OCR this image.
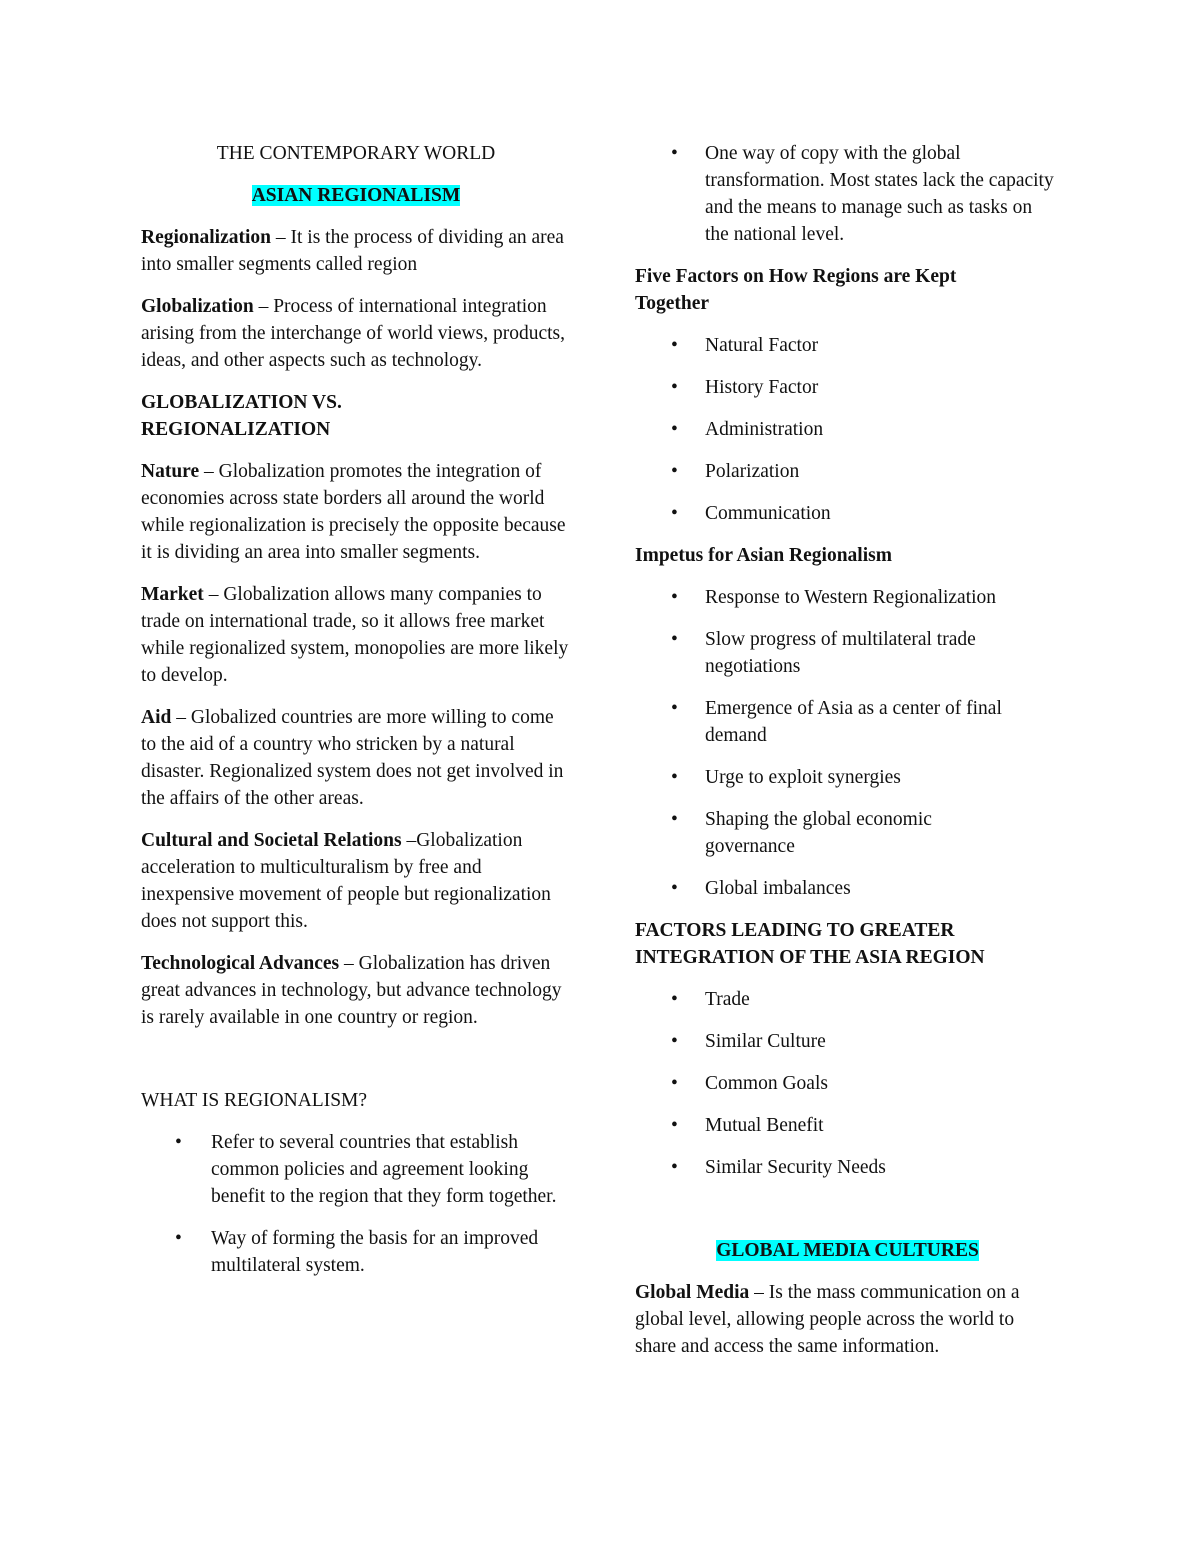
THE CONTEMPORARY WORLD

ASIAN REGIONALISM

Regionalization – It is the process of dividing an area into smaller segments called region

Globalization – Process of international integration arising from the interchange of world views, products, ideas, and other aspects such as technology.

GLOBALIZATION VS. REGIONALIZATION

Nature – Globalization promotes the integration of economies across state borders all around the world while regionalization is precisely the opposite because it is dividing an area into smaller segments.

Market – Globalization allows many companies to trade on international trade, so it allows free market while regionalized system, monopolies are more likely to develop.

Aid – Globalized countries are more willing to come to the aid of a country who stricken by a natural disaster. Regionalized system does not get involved in the affairs of the other areas.

Cultural and Societal Relations –Globalization acceleration to multiculturalism by free and inexpensive movement of people but regionalization does not support this.

Technological Advances – Globalization has driven great advances in technology, but advance technology is rarely available in one country or region.

WHAT IS REGIONALISM?

• Refer to several countries that establish common policies and agreement looking benefit to the region that they form together.
• Way of forming the basis for an improved multilateral system.
• One way of copy with the global transformation. Most states lack the capacity and the means to manage such as tasks on the national level.

Five Factors on How Regions are Kept Together

• Natural Factor
• History Factor
• Administration
• Polarization
• Communication

Impetus for Asian Regionalism

• Response to Western Regionalization
• Slow progress of multilateral trade negotiations
• Emergence of Asia as a center of final demand
• Urge to exploit synergies
• Shaping the global economic governance
• Global imbalances

FACTORS LEADING TO GREATER INTEGRATION OF THE ASIA REGION

• Trade
• Similar Culture
• Common Goals
• Mutual Benefit
• Similar Security Needs

GLOBAL MEDIA CULTURES

Global Media – Is the mass communication on a global level, allowing people across the world to share and access the same information.
